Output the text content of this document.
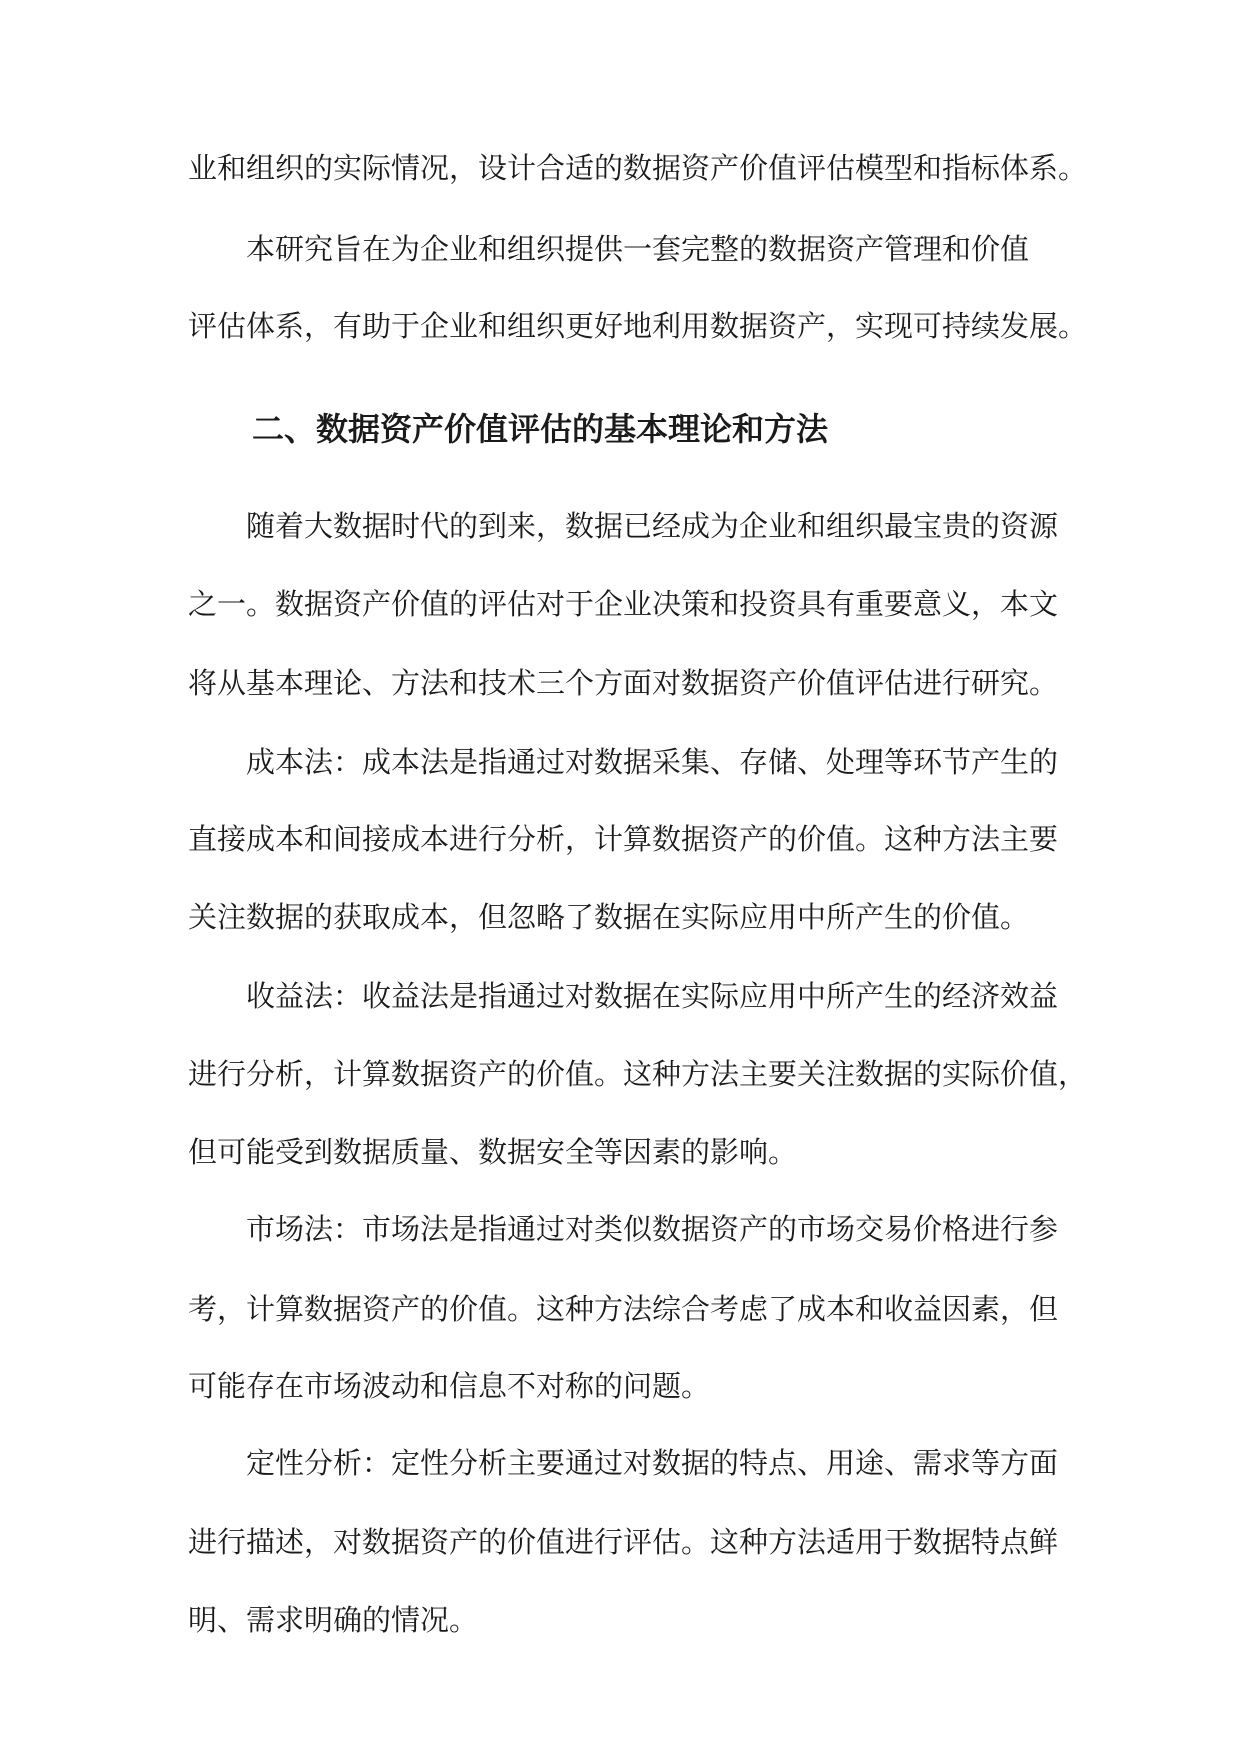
业和组织的实际情况，设计合适的数据资产价值评估模型和指标体系。
本研究旨在为企业和组织提供一套完整的数据资产管理和价值
评估体系，有助于企业和组织更好地利用数据资产，实现可持续发展。
二、数据资产价值评估的基本理论和方法
随着大数据时代的到来，数据已经成为企业和组织最宝贵的资源
之一。数据资产价值的评估对于企业决策和投资具有重要意义，本文
将从基本理论、方法和技术三个方面对数据资产价值评估进行研究。
成本法：成本法是指通过对数据采集、存储、处理等环节产生的
直接成本和间接成本进行分析，计算数据资产的价值。这种方法主要
关注数据的获取成本，但忽略了数据在实际应用中所产生的价值。
收益法：收益法是指通过对数据在实际应用中所产生的经济效益
进行分析，计算数据资产的价值。这种方法主要关注数据的实际价值，
但可能受到数据质量、数据安全等因素的影响。
市场法：市场法是指通过对类似数据资产的市场交易价格进行参
考，计算数据资产的价值。这种方法综合考虑了成本和收益因素，但
可能存在市场波动和信息不对称的问题。
定性分析：定性分析主要通过对数据的特点、用途、需求等方面
进行描述，对数据资产的价值进行评估。这种方法适用于数据特点鲜
明、需求明确的情况。
